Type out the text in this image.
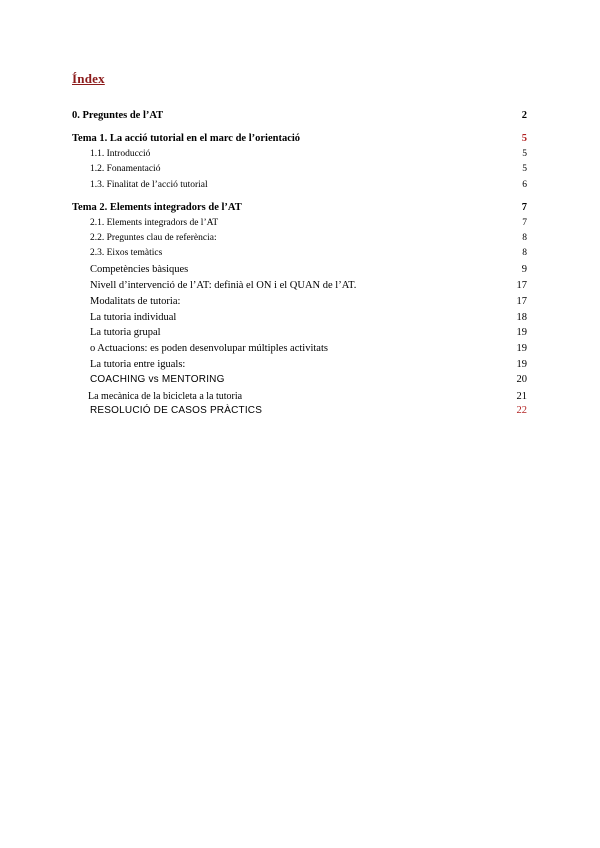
Índex
0. Preguntes de l’AT	2
Tema 1. La acció tutorial en el marc de l’orientació	5
1.1. Introducció	5
1.2. Fonamentació	5
1.3. Finalitat de l’acció tutorial	6
Tema 2. Elements integradors de l’AT	7
2.1. Elements integradors de l’AT	7
2.2. Preguntes clau de referència:	8
2.3. Eixos temàtics	8
Competències bàsiques	9
Nivell d’intervenció de l’AT: definià el ON i el QUAN de l’AT.	17
Modalitats de tutoria:	17
La tutoria individual	18
La tutoria grupal	19
o Actuacions: es poden desenvolupar múltiples activitats	19
La tutoria entre iguals:	19
COACHING vs MENTORING	20
La mecànica de la bicicleta a la tutoria	21
RESOLUCIÓ DE CASOS PRÀCTICS	22
